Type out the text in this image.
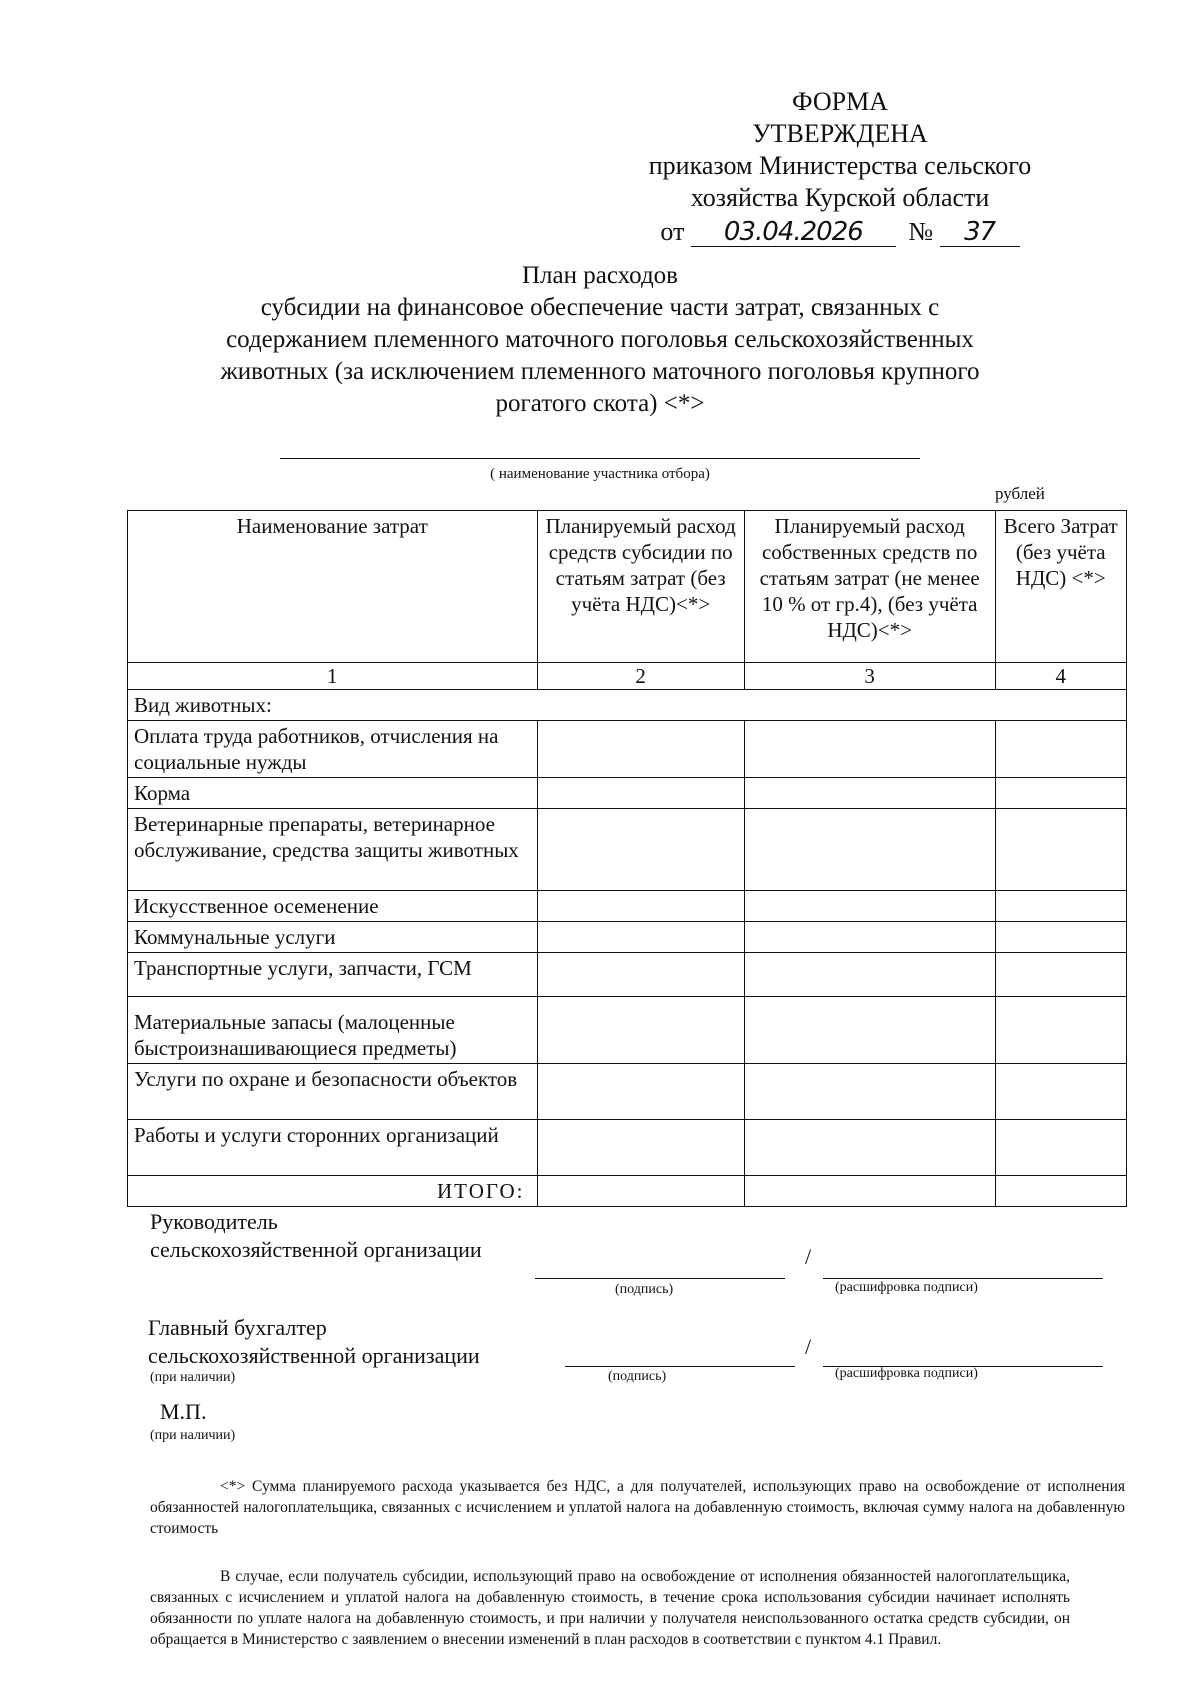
ФОРМА
УТВЕРЖДЕНА
приказом Министерства сельского
хозяйства Курской области
от 03.04.2026 № 37
План расходов
субсидии на финансовое обеспечение части затрат, связанных с
содержанием племенного маточного поголовья сельскохозяйственных
животных (за исключением племенного маточного поголовья крупного
рогатого скота) <*>
( наименование участника отбора)
рублей
Наименование затрат	Планируемый расход средств субсидии по статьям затрат (без учёта НДС)<*>	Планируемый расход собственных средств по статьям затрат (не менее 10 % от гр.4), (без учёта НДС)<*>	Всего Затрат (без учёта НДС) <*>
1	2	3	4
Вид животных:			
Оплата труда работников, отчисления на социальные нужды			
Корма			
Ветеринарные препараты, ветеринарное обслуживание, средства защиты животных			
Искусственное осеменение			
Коммунальные услуги			
Транспортные услуги, запчасти, ГСМ			
Материальные запасы (малоценные быстроизнашивающиеся предметы)			
Услуги по охране и безопасности объектов			
Работы и услуги сторонних организаций			
ИТОГО:			
Руководитель
сельскохозяйственной организации	/
(подпись)	(расшифровка подписи)
Главный бухгалтер
сельскохозяйственной организации
(при наличии)
/
(подпись)	(расшифровка подписи)
М.П.
(при наличии)
<*> Сумма планируемого расхода указывается без НДС, а для получателей, использующих право на освобождение от исполнения обязанностей налогоплательщика, связанных с исчислением и уплатой налога на добавленную стоимость, включая сумму налога на добавленную стоимость
В случае, если получатель субсидии, использующий право на освобождение от исполнения обязанностей налогоплательщика, связанных с исчислением и уплатой налога на добавленную стоимость, в течение срока использования субсидии начинает исполнять обязанности по уплате налога на добавленную стоимость, и при наличии у получателя неиспользованного остатка средств субсидии, он обращается в Министерство с заявлением о внесении изменений в план расходов в соответствии с пунктом 4.1 Правил.
